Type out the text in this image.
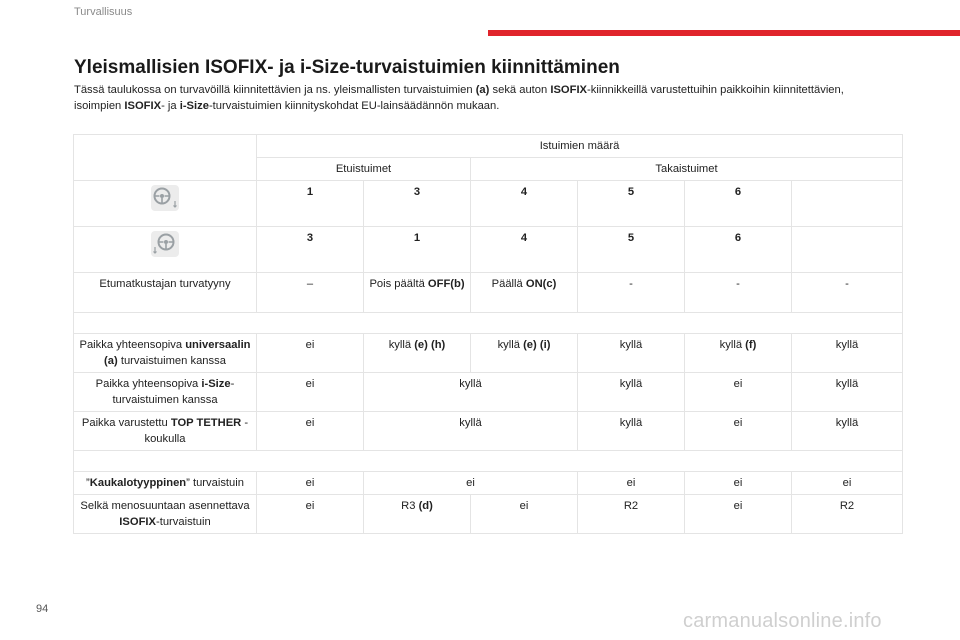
Turvallisuus
Yleismallisien ISOFIX- ja i-Size-turvaistuimien kiinnittäminen

Tässä taulukossa on turvavöillä kiinnitettävien ja ns. yleismallisten turvaistuimien (a) sekä auton ISOFIX-kiinnikkeillä varustettuihin paikkoihin kiinnitettävien, isoimpien ISOFIX- ja i-Size-turvaistuimien kiinnityskohdat EU-lainsäädännön mukaan.

	Istuimien määrä					
	Etuistuimet		Takaistuimet			

	1	3	4	5	6	

	3	1	4	5	6	
Etumatkustajan turvatyyny	–	Pois päältä OFF(b)	Päällä ON(c)	-	-	-

Paikka yhteensopiva universaalin (a) turvaistuimen kanssa	ei	kyllä (e) (h)	kyllä (e) (i)	kyllä	kyllä (f)	kyllä
Paikka yhteensopiva i-Size-turvaistuimen kanssa	ei	kyllä		kyllä	ei	kyllä
Paikka varustettu TOP TETHER -koukulla	ei	kyllä		kyllä	ei	kyllä

”Kaukalotyyppinen” turvaistuin	ei	ei		ei	ei	ei
Selkä menosuuntaan asennettava ISOFIX-turvaistuin	ei	R3 (d)	ei	R2	ei	R2
94
carmanualsonline.info
